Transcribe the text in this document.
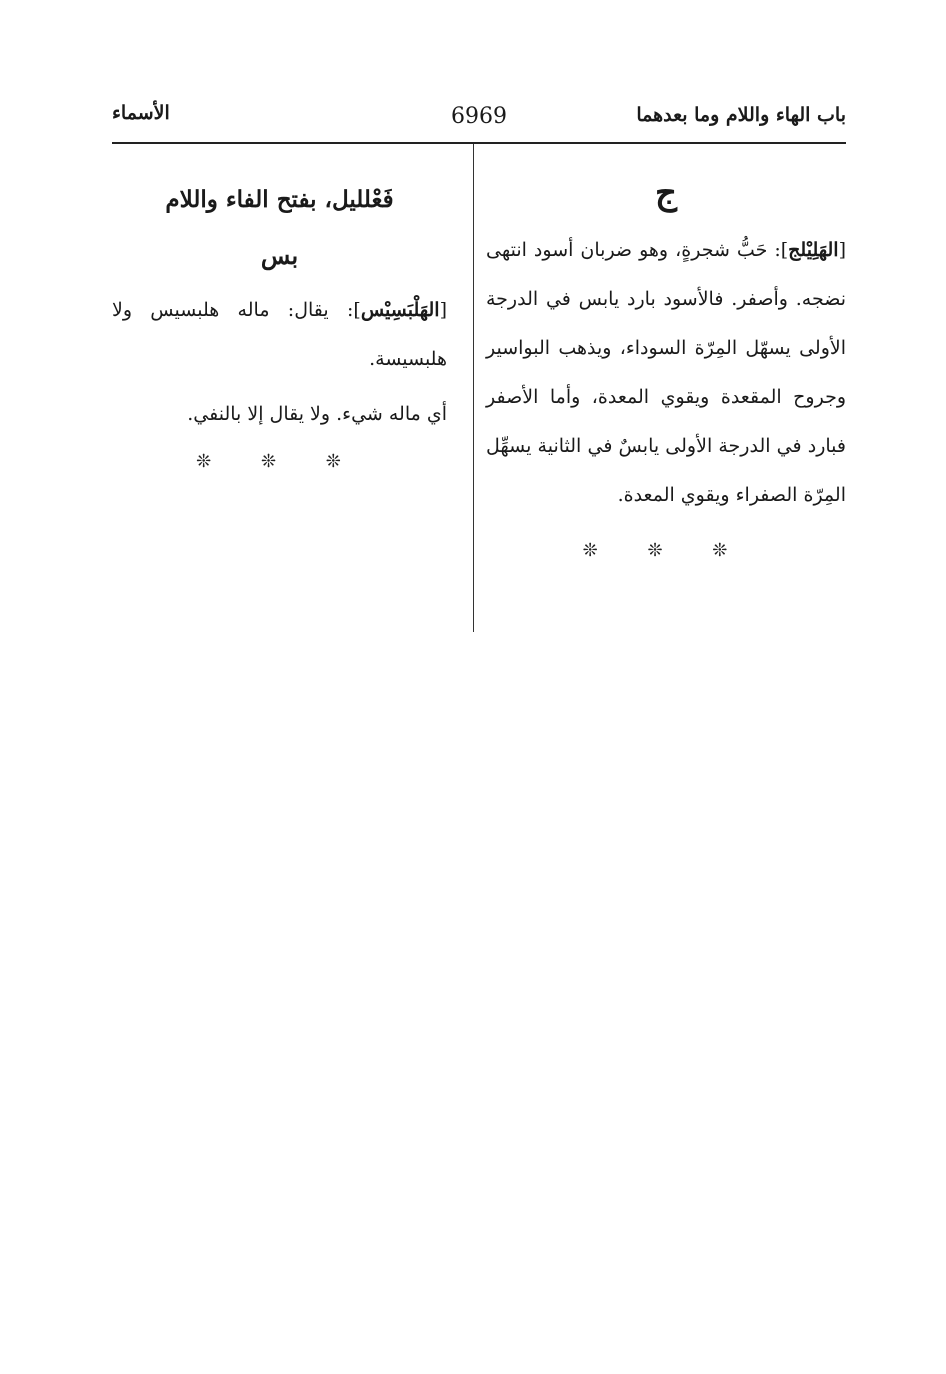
باب الهاء واللام وما بعدهما
6969
الأسماء
ج

[الهَلِيْلج]: حَبُّ شجرةٍ، وهو ضربان أسود انتهى نضجه. وأصفر. فالأسود بارد يابس في الدرجة الأولى يسهّل المِرّة السوداء، ويذهب البواسير وجروح المقعدة ويقوي المعدة، وأما الأصفر فبارد في الدرجة الأولى يابسٌ في الثانية يسهِّل المِرّة الصفراء ويقوي المعدة.

❊ ❊ ❊
فَعْلليل، بفتح الفاء واللام
بس

[الهَلْبَسِيْس]: يقال: ماله هلبسيس ولا هلبسيسة.

أي ماله شيء. ولا يقال إلا بالنفي.

❊ ❊ ❊
